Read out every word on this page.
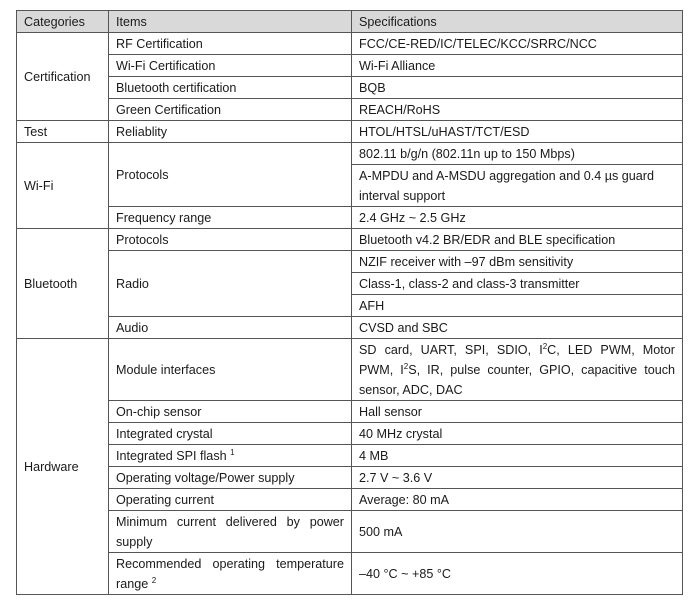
Categories	Items	Specifications
Certification	RF Certification	FCC/CE-RED/IC/TELEC/KCC/SRRC/NCC
	Wi-Fi Certification	Wi-Fi Alliance
	Bluetooth certification	BQB
	Green Certification	REACH/RoHS
Test	Reliablity	HTOL/HTSL/uHAST/TCT/ESD
Wi-Fi	Protocols	802.11 b/g/n (802.11n up to 150 Mbps)
		A-MPDU and A-MSDU aggregation and 0.4 µs guard interval support
	Frequency range	2.4 GHz ~ 2.5 GHz
Bluetooth	Protocols	Bluetooth v4.2 BR/EDR and BLE specification
	Radio	NZIF receiver with –97 dBm sensitivity
		Class-1, class-2 and class-3 transmitter
		AFH
	Audio	CVSD and SBC
Hardware	Module interfaces	SD card, UART, SPI, SDIO, $I^2C$, LED PWM, Motor PWM, $I^2S$, IR, pulse counter, GPIO, capacitive touch sensor, ADC, DAC
	On-chip sensor	Hall sensor
	Integrated crystal	40 MHz crystal
	Integrated SPI flash $^1$	4 MB
	Operating voltage/Power supply	2.7 V ~ 3.6 V
	Operating current	Average: 80 mA
	Minimum current delivered by power supply	500 mA
	Recommended operating temperature range $^2$	–40 °C ~ +85 °C
